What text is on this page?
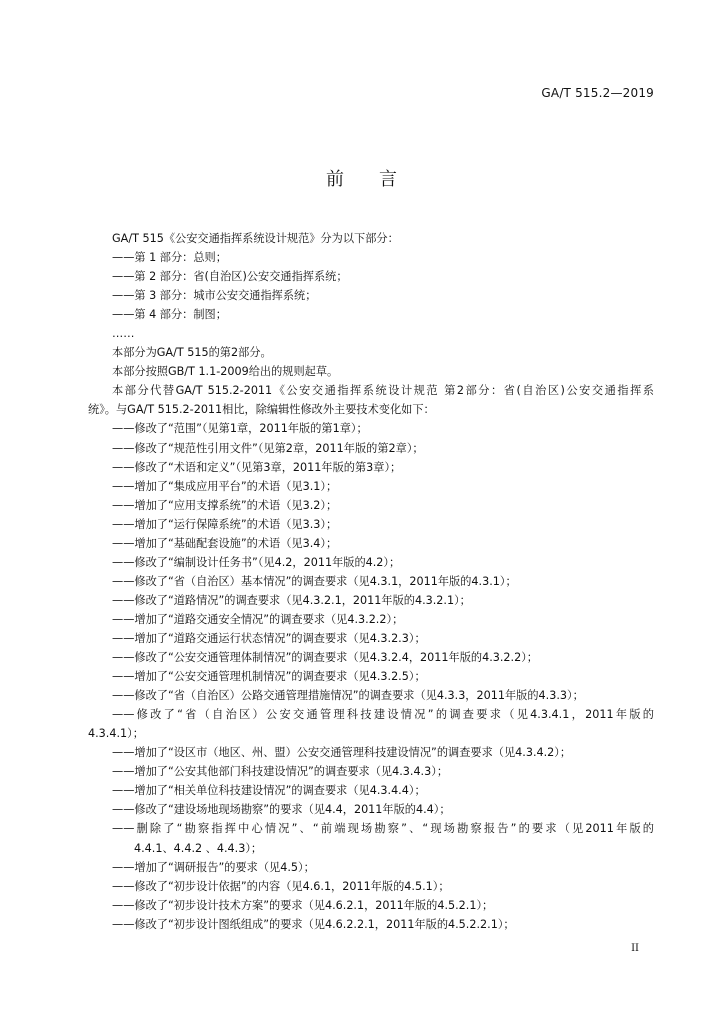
GA/T 515.2—2019
前 言
GA/T 515《公安交通指挥系统设计规范》分为以下部分：
——第 1 部分：总则；
——第 2 部分：省(自治区)公安交通指挥系统；
——第 3 部分：城市公安交通指挥系统；
——第 4 部分：制图；
……
本部分为GA/T 515的第2部分。
本部分按照GB/T 1.1-2009给出的规则起草。
本部分代替GA/T 515.2-2011《公安交通指挥系统设计规范 第2部分：省(自治区)公安交通指挥系
统》。与GA/T 515.2-2011相比，除编辑性修改外主要技术变化如下：
——修改了“范围”（见第1章，2011年版的第1章）；
——修改了“规范性引用文件”（见第2章，2011年版的第2章）；
——修改了“术语和定义”（见第3章，2011年版的第3章）；
——增加了“集成应用平台”的术语（见3.1）；
——增加了“应用支撑系统”的术语（见3.2）；
——增加了“运行保障系统”的术语（见3.3）；
——增加了“基础配套设施”的术语（见3.4）；
——修改了“编制设计任务书”（见4.2，2011年版的4.2）；
——修改了“省（自治区）基本情况”的调查要求（见4.3.1，2011年版的4.3.1）；
——修改了“道路情况”的调查要求（见4.3.2.1，2011年版的4.3.2.1）；
——增加了“道路交通安全情况”的调查要求（见4.3.2.2）；
——增加了“道路交通运行状态情况”的调查要求（见4.3.2.3）；
——修改了“公安交通管理体制情况”的调查要求（见4.3.2.4，2011年版的4.3.2.2）；
——增加了“公安交通管理机制情况”的调查要求（见4.3.2.5）；
——修改了“省（自治区）公路交通管理措施情况”的调查要求（见4.3.3，2011年版的4.3.3）；
——修改了“省（自治区）公安交通管理科技建设情况”的调查要求（见4.3.4.1，2011年版的
4.3.4.1）；
——增加了“设区市（地区、州、盟）公安交通管理科技建设情况”的调查要求（见4.3.4.2）；
——增加了“公安其他部门科技建设情况”的调查要求（见4.3.4.3）；
——增加了“相关单位科技建设情况”的调查要求（见4.3.4.4）；
——修改了“建设场地现场勘察”的要求（见4.4，2011年版的4.4）；
——删除了“勘察指挥中心情况”、“前端现场勘察”、“现场勘察报告”的要求（见2011年版的
4.4.1、4.4.2 、4.4.3）；
——增加了“调研报告”的要求（见4.5）；
——修改了“初步设计依据”的内容（见4.6.1，2011年版的4.5.1）；
——修改了“初步设计技术方案”的要求（见4.6.2.1，2011年版的4.5.2.1）；
——修改了“初步设计图纸组成”的要求（见4.6.2.2.1，2011年版的4.5.2.2.1）；
II
